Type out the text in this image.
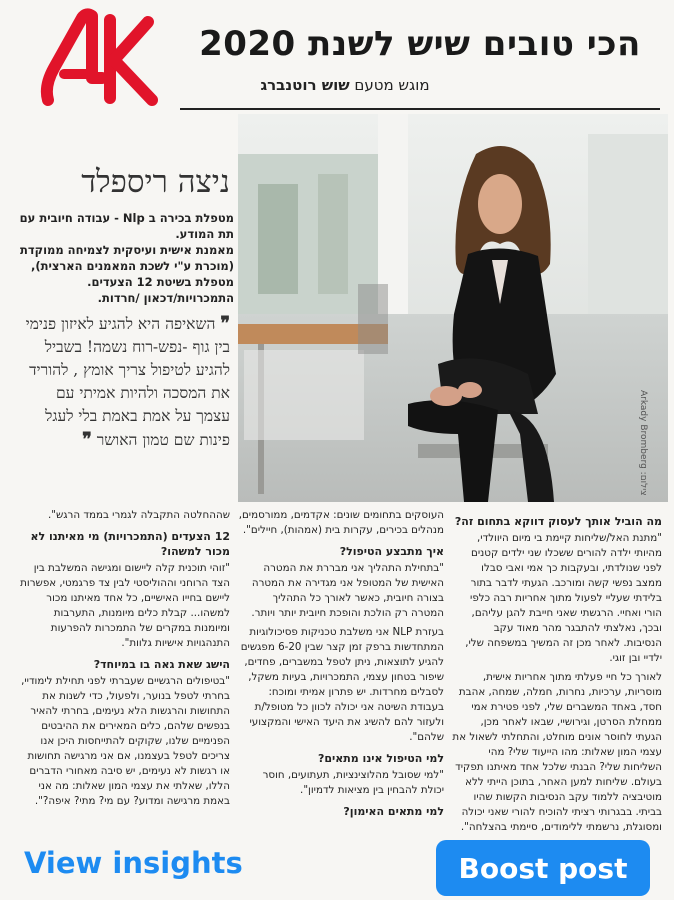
הכי טובים שיש לשנת 2020
מוגש מטעם שוש רוטנברג
Arkady Bromberg :צילום
ניצה ריספלד

מטפלת בכירה ב Nlp - עבודה חיובית עם תת המודע.

מאמנת אישית ועיסקית לצמיחה ממוקדת (מוכרת ע"י לשכת המאמנים הארצית),

מטפלת בשיטת 12 הצעדים.

התמכרויות/דכאון /חרדות.

❞ השאיפה היא להגיע לאיזון פנימי בין גוף -נפש-רוח נשמה! בשביל להגיע לטיפול צריך אומץ , להוריד את המסכה ולהיות אמיתי עם עצמך על אמת באמת בלי לעגל פינות שם טמון האושר ❞
מה הוביל אותך לעסוק דווקא בתחום זה?

"מתנת האל/שליחות קיימת בי מיום היוולדי, מהיותי ילדה להורים ששכלו שני ילדים קטנים לפני שנולדתי, ובעקבות כך אמי ואבי סבלו ממצב נפשי קשה ומורכב. הגעתי לדבר בתור בלידתי שעליי לפעול מתוך אחריות רבה כלפי הורי ואחיי. הרגשתי שאני חייבת להגן עליהם, ובכך, נאלצתי להתבגר מהר מאוד עקב הנסיבות. לאחר מכן זה המשיך במשפחה שלי, ילדיי ובן זוגי.

לאורך כל חיי פעלתי מתוך אחריות אישית, מוסריות, ערכיות, נחרות, חמלה, שמחה, אהבת חסד, באחד המשברים שלי, לפני פטירת אמי ממחלת הסרטן, וגירושיי, שבאו לאחר מכן, הגעתי לחוסר אונים מוחלט, והתחלתי לשאול את עצמי המון שאלות: מהו הייעוד שלי? מהי השליחות שלי? הבנתי שלכל אחד מאיתנו תפקיד בעולם. שליחות למען האחר, בתוכן הייתי ללא מוטיבציה ללמוד עקב הנסיבות הקשות שהיו בביתי. בבגרותי רציתי להוכיח להורי שאני יכולה ומסוגלת, נרשמתי ללימודים, סיימתי בהצלחה".

העוסקים בתחומים שונים: אקדמים, ממורסמים, מנהלים בכירים, עקרות בית (אמהות), חיילים".

איך מתבצע הטיפול?

"בתחילת התהליך אני מבררת את המטרה האישית של המטופל אני מגדירה את המטרה בצורה חיובית, כאשר לאורך כל התהליך המטרה רק הולכת והופכת חיובית יותר ויותר.

בעזרת NLP אני משלבת טכניקות פסיכולוגיות המתחדשות ברפק זמן קצר שבין 6-20 מפגשים להגיע לתוצאות, ניתן לטפל במשברים, פחדים, שיפור בטחון עצמי, התמכרויות, בעיות משקל, לסבלים מחרדות. יש פתרון אמיתי ומוכח: בעבודת השיטה אני יכולה לכוון כל מטופל/ת ולעזור להם להשיג את היעד האישי והמקצועי שלהם".

למי הטיפול אינו מתאים?

"למי שסובל מהלוצינציות, תעתועים, חוסר יכולת להבחין בין מציאות לדמיון".

למי מתאים האימון?

שההחלטה התקבלה לגמרי בממד הרגש".

12 הצעדים (התמכרויות) מי מאיתנו לא מכור למשהו?

"זוהי תוכנית קלה ליישום ומגישה המשלבת בין הצד הרוחני וההוליסטי לבין צד פרגמטי, אפשרות ליישם בחייו האישיים, כל אחד מאיתנו מכור למשהו... קבלת כלים מיומנות, התערבות ומיומנות במקרים של התמכרות להפרעות התנהגויות אישיות גלוות".

הישג שאת גאה בו במיוחד?

"בטיפולים הרגשיים שעברתי לפני תחילת לימודיי, בחרתי לטפל בנוער, ולפעול, כדי לשנות את התחושות והרגשות הלא נעימים, בחרתי להאיר בנפשים שלהם, כלים המאירים את ההיבטים הפנימיים שלנו, שקוקים להתייחסות היכן אנו צריכים לטפל בעצמנו, אם אני מרגישה תחושות או רגשות לא נעימים, יש סיבה מאחורי הדברים הללו, שאלתי את עצמי המון שאלות: מה אני באמת מרגישה ומדוע? עם מי? מתי? איפה?".

View insights	Boost post
